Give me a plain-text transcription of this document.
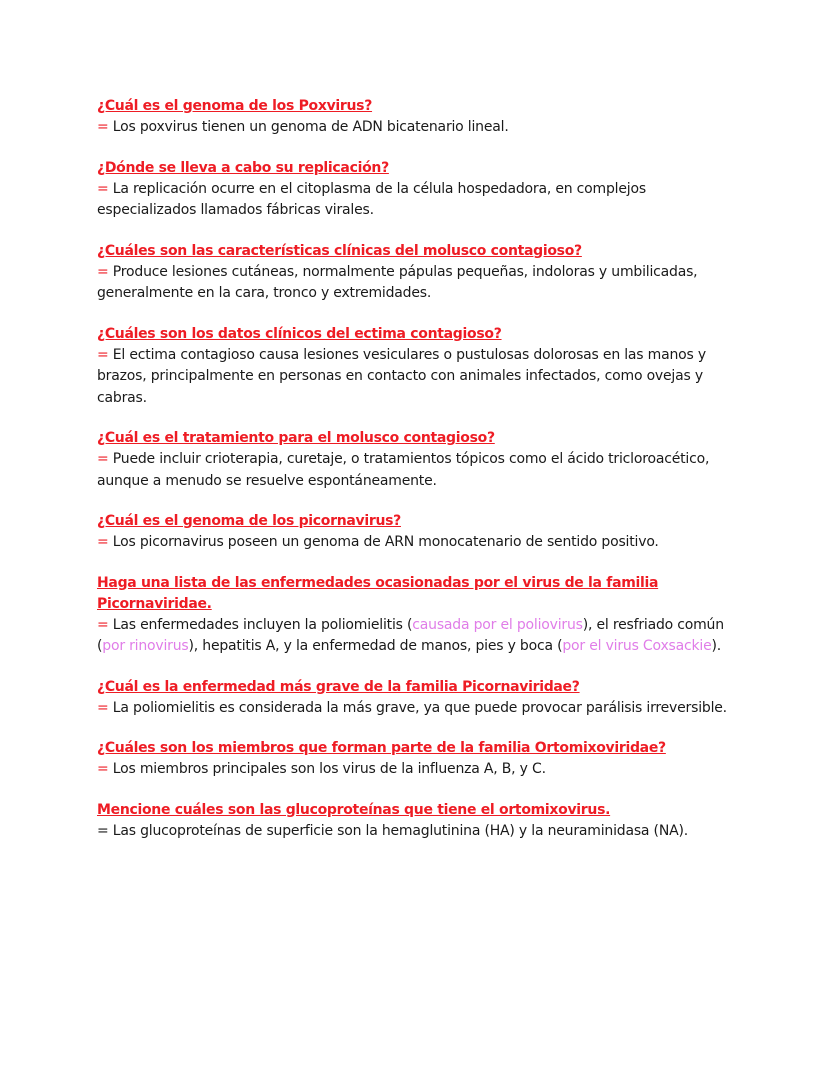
¿Cuál es el genoma de los Poxvirus?
= Los poxvirus tienen un genoma de ADN bicatenario lineal.
¿Dónde se lleva a cabo su replicación?
= La replicación ocurre en el citoplasma de la célula hospedadora, en complejos especializados llamados fábricas virales.
¿Cuáles son las características clínicas del molusco contagioso?
= Produce lesiones cutáneas, normalmente pápulas pequeñas, indoloras y umbilicadas, generalmente en la cara, tronco y extremidades.
¿Cuáles son los datos clínicos del ectima contagioso?
= El ectima contagioso causa lesiones vesiculares o pustulosas dolorosas en las manos y brazos, principalmente en personas en contacto con animales infectados, como ovejas y cabras.
¿Cuál es el tratamiento para el molusco contagioso?
= Puede incluir crioterapia, curetaje, o tratamientos tópicos como el ácido tricloroacético, aunque a menudo se resuelve espontáneamente.
¿Cuál es el genoma de los picornavirus?
= Los picornavirus poseen un genoma de ARN monocatenario de sentido positivo.
Haga una lista de las enfermedades ocasionadas por el virus de la familia Picornaviridae.
= Las enfermedades incluyen la poliomielitis (causada por el poliovirus), el resfriado común (por rinovirus), hepatitis A, y la enfermedad de manos, pies y boca (por el virus Coxsackie).
¿Cuál es la enfermedad más grave de la familia Picornaviridae?
= La poliomielitis es considerada la más grave, ya que puede provocar parálisis irreversible.
¿Cuáles son los miembros que forman parte de la familia Ortomixoviridae?
= Los miembros principales son los virus de la influenza A, B, y C.
Mencione cuáles son las glucoproteínas que tiene el ortomixovirus.
= Las glucoproteínas de superficie son la hemaglutinina (HA) y la neuraminidasa (NA).
